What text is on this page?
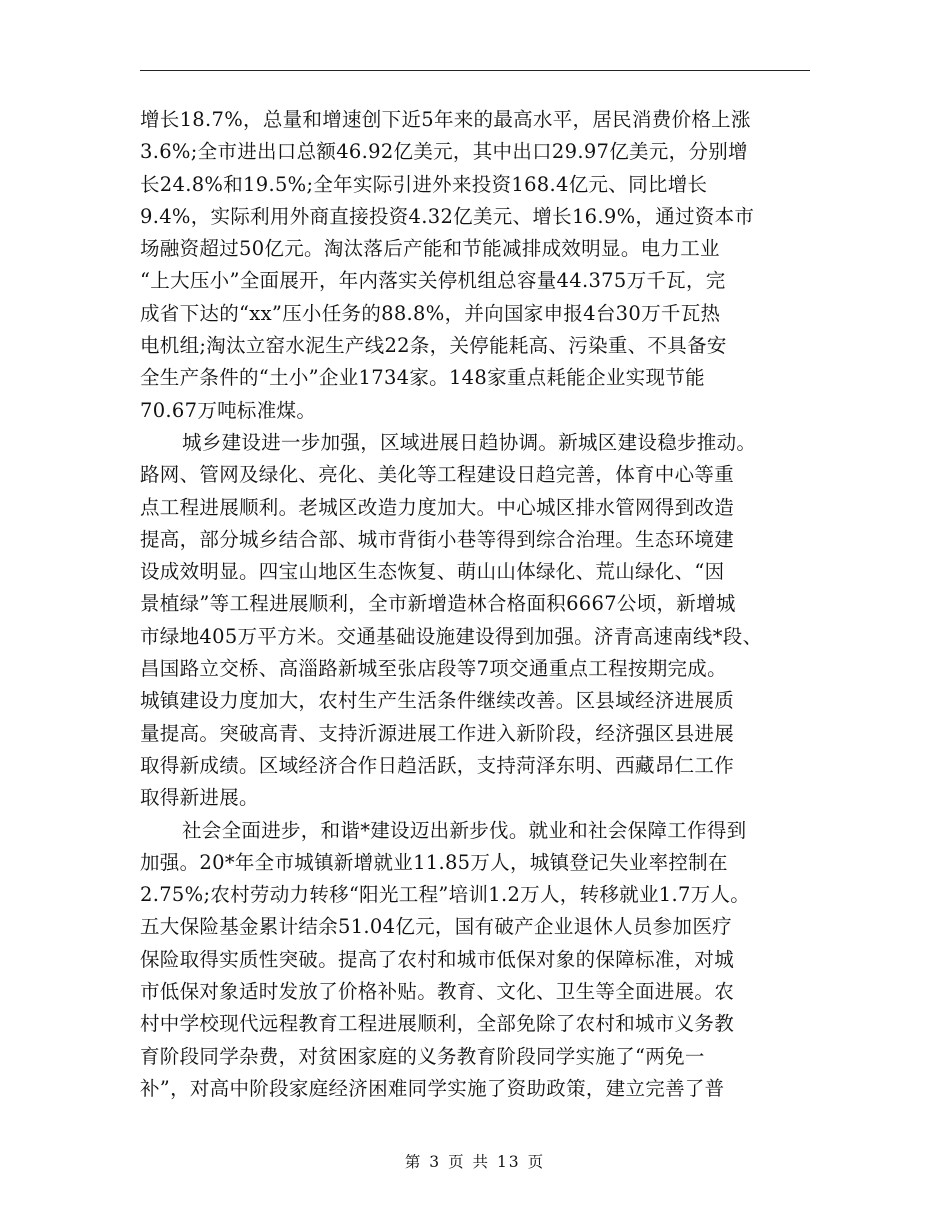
增长18.7%，总量和增速创下近5年来的最高水平，居民消费价格上涨
3.6%;全市进出口总额46.92亿美元，其中出口29.97亿美元，分别增
长24.8%和19.5%;全年实际引进外来投资168.4亿元、同比增长
9.4%，实际利用外商直接投资4.32亿美元、增长16.9%，通过资本市
场融资超过50亿元。淘汰落后产能和节能减排成效明显。电力工业
“上大压小”全面展开，年内落实关停机组总容量44.375万千瓦，完
成省下达的“xx”压小任务的88.8%，并向国家申报4台30万千瓦热
电机组;淘汰立窑水泥生产线22条，关停能耗高、污染重、不具备安
全生产条件的“土小”企业1734家。148家重点耗能企业实现节能
70.67万吨标准煤。
城乡建设进一步加强，区域进展日趋协调。新城区建设稳步推动。
路网、管网及绿化、亮化、美化等工程建设日趋完善，体育中心等重
点工程进展顺利。老城区改造力度加大。中心城区排水管网得到改造
提高，部分城乡结合部、城市背街小巷等得到综合治理。生态环境建
设成效明显。四宝山地区生态恢复、萌山山体绿化、荒山绿化、“因
景植绿”等工程进展顺利，全市新增造林合格面积6667公顷，新增城
市绿地405万平方米。交通基础设施建设得到加强。济青高速南线*段、
昌国路立交桥、高淄路新城至张店段等7项交通重点工程按期完成。
城镇建设力度加大，农村生产生活条件继续改善。区县域经济进展质
量提高。突破高青、支持沂源进展工作进入新阶段，经济强区县进展
取得新成绩。区域经济合作日趋活跃，支持菏泽东明、西藏昂仁工作
取得新进展。
社会全面进步，和谐*建设迈出新步伐。就业和社会保障工作得到
加强。20*年全市城镇新增就业11.85万人，城镇登记失业率控制在
2.75%;农村劳动力转移“阳光工程”培训1.2万人，转移就业1.7万人。
五大保险基金累计结余51.04亿元，国有破产企业退休人员参加医疗
保险取得实质性突破。提高了农村和城市低保对象的保障标准，对城
市低保对象适时发放了价格补贴。教育、文化、卫生等全面进展。农
村中学校现代远程教育工程进展顺利，全部免除了农村和城市义务教
育阶段同学杂费，对贫困家庭的义务教育阶段同学实施了“两免一
补”，对高中阶段家庭经济困难同学实施了资助政策，建立完善了普
第 3 页 共 13 页
